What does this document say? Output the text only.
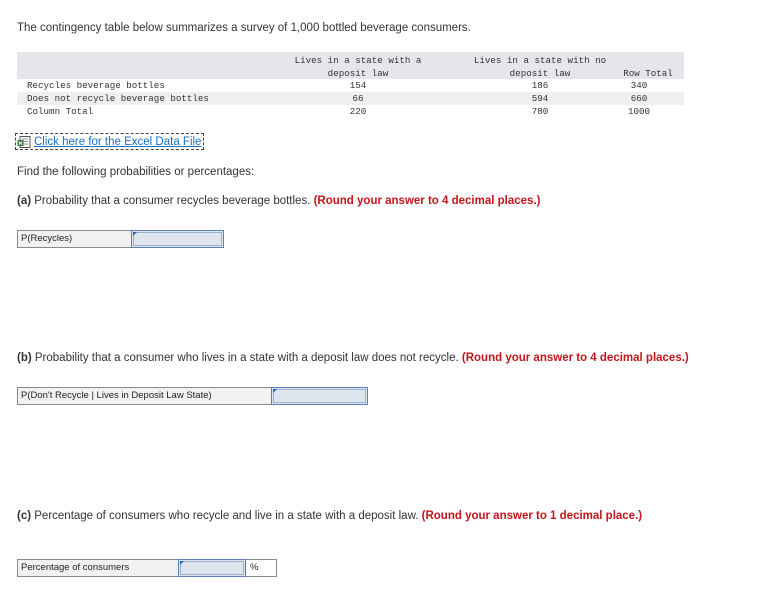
The contingency table below summarizes a survey of 1,000 bottled beverage consumers.
Lives in a state with a
deposit law
Lives in a state with no
deposit law	Row Total
Recycles beverage bottles	154	186	340
Does not recycle beverage bottles	66	594	660
Column Total	220	780	1000
Click here for the Excel Data File
Find the following probabilities or percentages:
(a) Probability that a consumer recycles beverage bottles. (Round your answer to 4 decimal places.)
P(Recycles)
(b) Probability that a consumer who lives in a state with a deposit law does not recycle. (Round your answer to 4 decimal places.)
P(Don't Recycle | Lives in Deposit Law State)
(c) Percentage of consumers who recycle and live in a state with a deposit law. (Round your answer to 1 decimal place.)
Percentage of consumers	%
